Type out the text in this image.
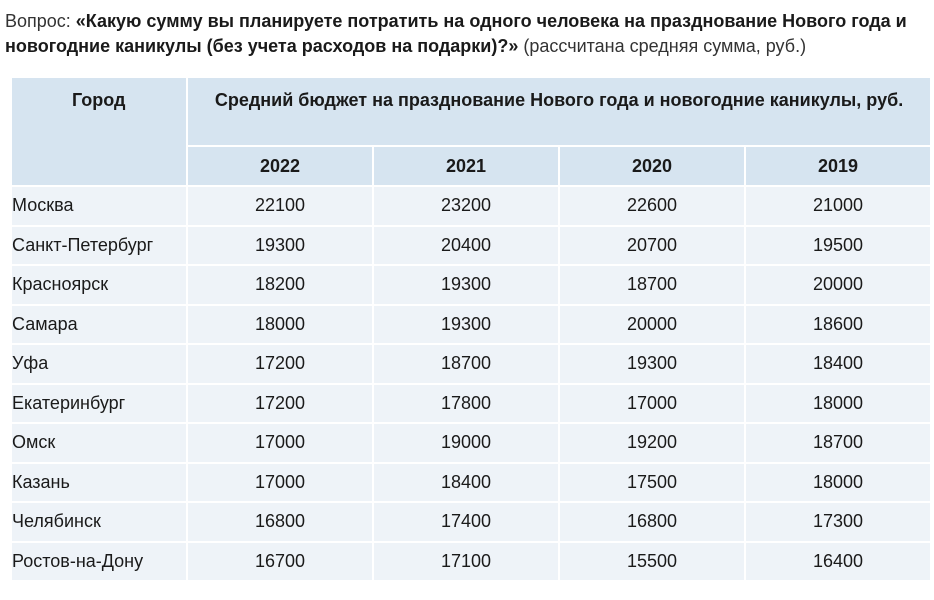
Вопрос: «Какую сумму вы планируете потратить на одного человека на празднование Нового года и новогодние каникулы (без учета расходов на подарки)?» (рассчитана средняя сумма, руб.)
Город	Средний бюджет на празднование Нового года и новогодние каникулы, руб.			
	2022	2021	2020	2019
Москва	22100	23200	22600	21000
Санкт-Петербург	19300	20400	20700	19500
Красноярск	18200	19300	18700	20000
Самара	18000	19300	20000	18600
Уфа	17200	18700	19300	18400
Екатеринбург	17200	17800	17000	18000
Омск	17000	19000	19200	18700
Казань	17000	18400	17500	18000
Челябинск	16800	17400	16800	17300
Ростов-на-Дону	16700	17100	15500	16400
